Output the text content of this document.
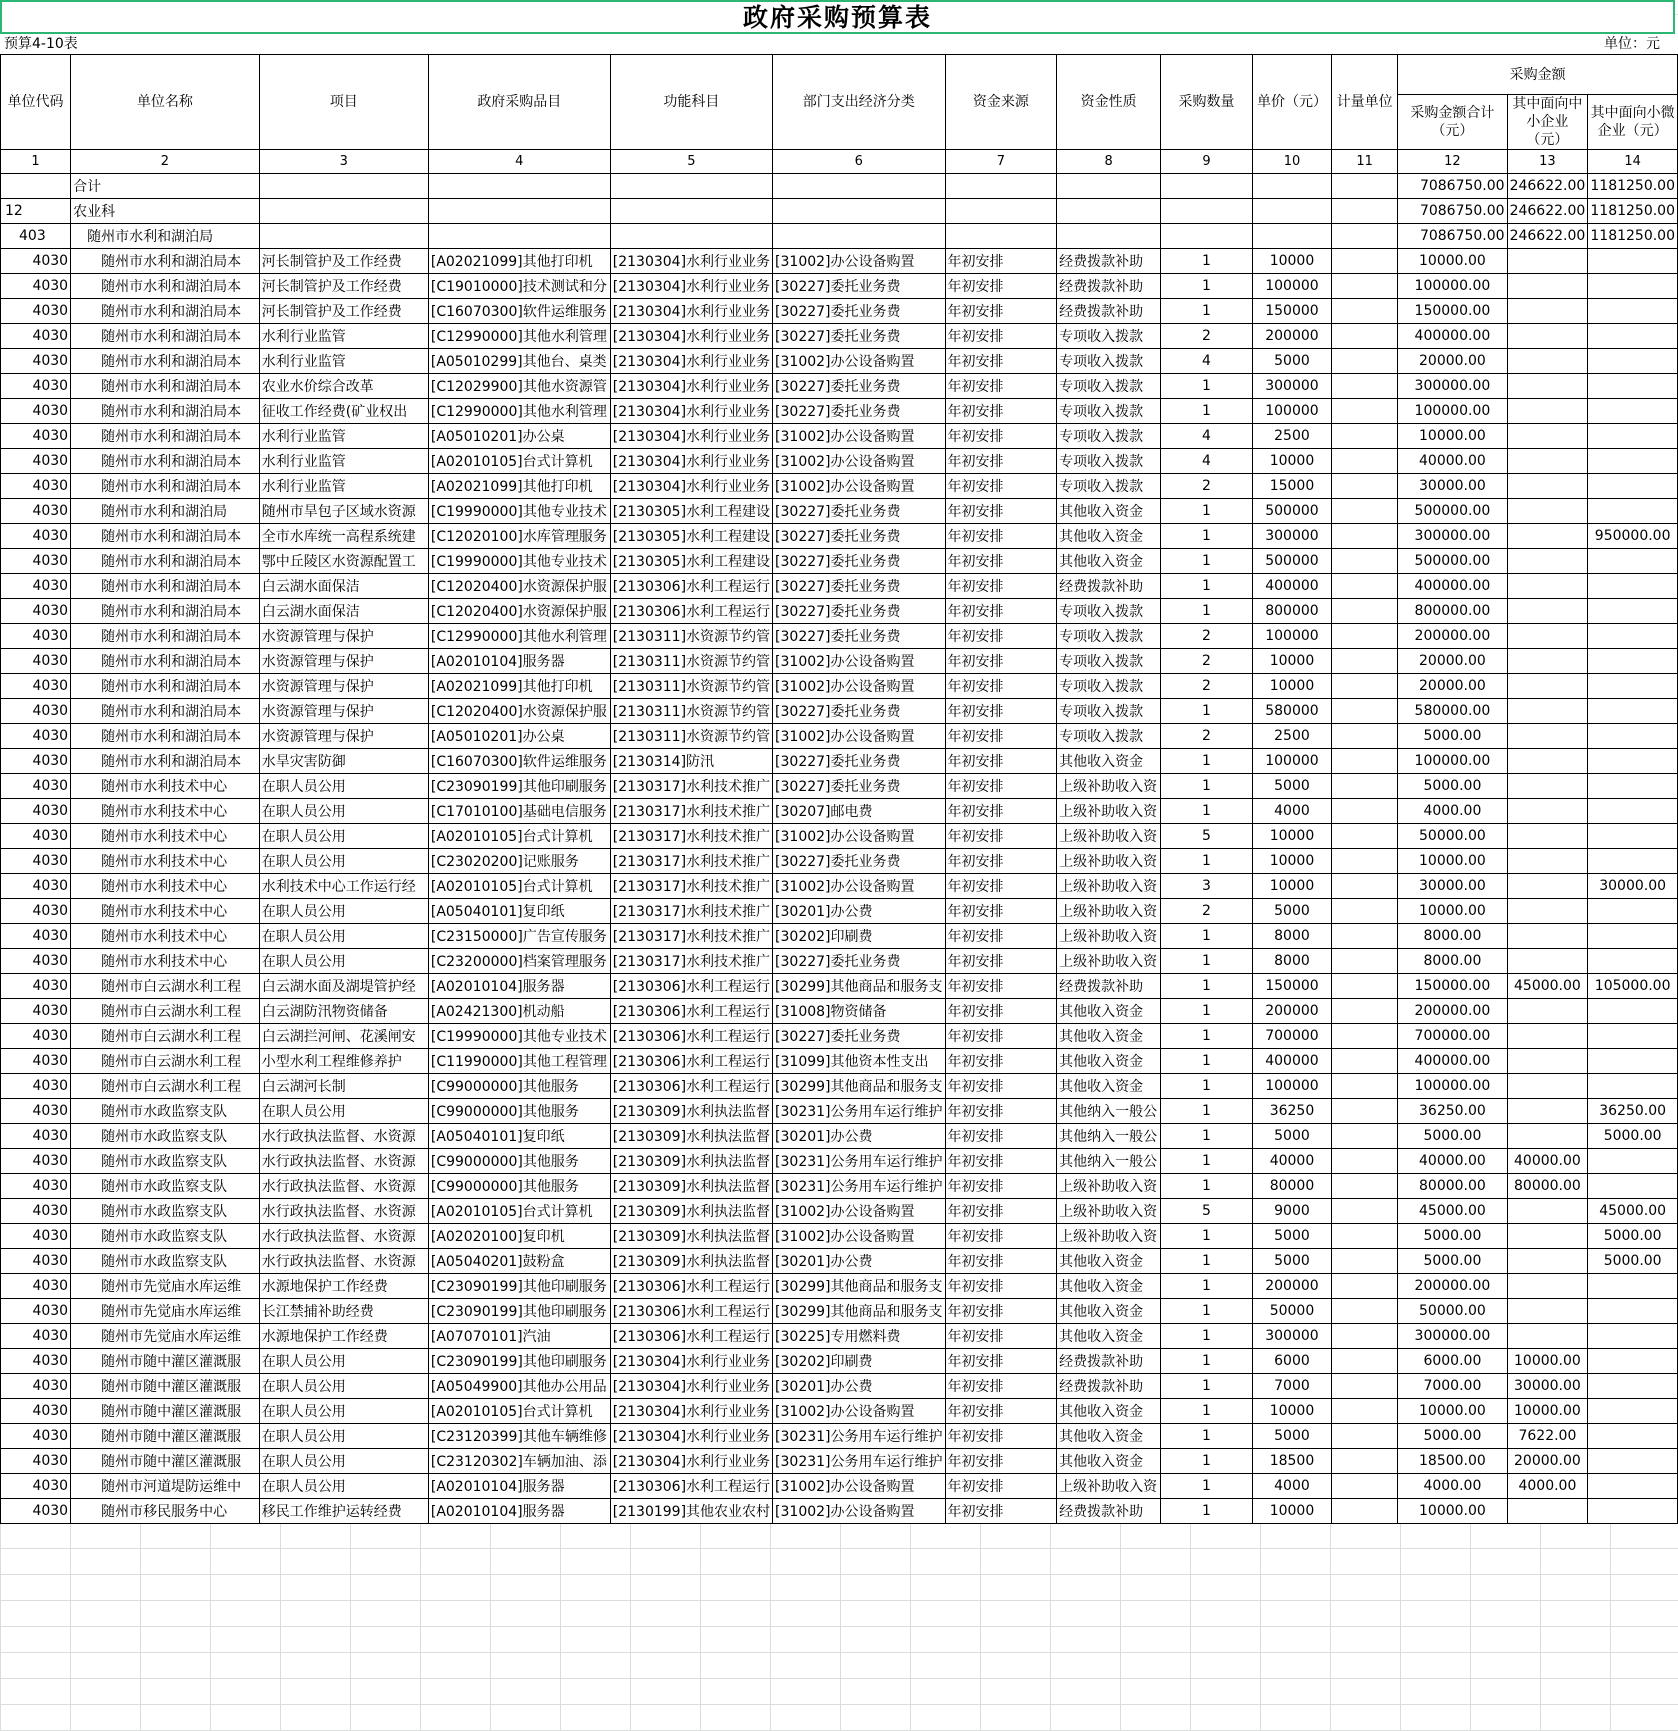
政府采购预算表
预算4-10表	单位：元
单位代码	单位名称	项目	政府采购品目	功能科目	部门支出经济分类	资金来源	资金性质	采购数量	单价（元）	计量单位	采购金额		
											采购金额合计（元）	其中面向中小企业（元）	其中面向小微企业（元）
1	2	3	4	5	6	7	8	9	10	11	12	13	14
	合计										7086750.00	246622.00	1181250.00
12	农业科										7086750.00	246622.00	1181250.00
403	随州市水利和湖泊局										7086750.00	246622.00	1181250.00
4030	随州市水利和湖泊局本	河长制管护及工作经费	[A02021099]其他打印机	[2130304]水利行业业务	[31002]办公设备购置	年初安排	经费拨款补助	1	10000		10000.00		
4030	随州市水利和湖泊局本	河长制管护及工作经费	[C19010000]技术测试和分	[2130304]水利行业业务	[30227]委托业务费	年初安排	经费拨款补助	1	100000		100000.00		
4030	随州市水利和湖泊局本	河长制管护及工作经费	[C16070300]软件运维服务	[2130304]水利行业业务	[30227]委托业务费	年初安排	经费拨款补助	1	150000		150000.00		
4030	随州市水利和湖泊局本	水利行业监管	[C12990000]其他水利管理	[2130304]水利行业业务	[30227]委托业务费	年初安排	专项收入拨款	2	200000		400000.00		
4030	随州市水利和湖泊局本	水利行业监管	[A05010299]其他台、桌类	[2130304]水利行业业务	[31002]办公设备购置	年初安排	专项收入拨款	4	5000		20000.00		
4030	随州市水利和湖泊局本	农业水价综合改革	[C12029900]其他水资源管	[2130304]水利行业业务	[30227]委托业务费	年初安排	专项收入拨款	1	300000		300000.00		
4030	随州市水利和湖泊局本	征收工作经费(矿业权出	[C12990000]其他水利管理	[2130304]水利行业业务	[30227]委托业务费	年初安排	专项收入拨款	1	100000		100000.00		
4030	随州市水利和湖泊局本	水利行业监管	[A05010201]办公桌	[2130304]水利行业业务	[31002]办公设备购置	年初安排	专项收入拨款	4	2500		10000.00		
4030	随州市水利和湖泊局本	水利行业监管	[A02010105]台式计算机	[2130304]水利行业业务	[31002]办公设备购置	年初安排	专项收入拨款	4	10000		40000.00		
4030	随州市水利和湖泊局本	水利行业监管	[A02021099]其他打印机	[2130304]水利行业业务	[31002]办公设备购置	年初安排	专项收入拨款	2	15000		30000.00		
4030	随州市水利和湖泊局	随州市旱包子区域水资源	[C19990000]其他专业技术	[2130305]水利工程建设	[30227]委托业务费	年初安排	其他收入资金	1	500000		500000.00		
4030	随州市水利和湖泊局本	全市水库统一高程系统建	[C12020100]水库管理服务	[2130305]水利工程建设	[30227]委托业务费	年初安排	其他收入资金	1	300000		300000.00		950000.00
4030	随州市水利和湖泊局本	鄂中丘陵区水资源配置工	[C19990000]其他专业技术	[2130305]水利工程建设	[30227]委托业务费	年初安排	其他收入资金	1	500000		500000.00		
4030	随州市水利和湖泊局本	白云湖水面保洁	[C12020400]水资源保护服	[2130306]水利工程运行	[30227]委托业务费	年初安排	经费拨款补助	1	400000		400000.00		
4030	随州市水利和湖泊局本	白云湖水面保洁	[C12020400]水资源保护服	[2130306]水利工程运行	[30227]委托业务费	年初安排	专项收入拨款	1	800000		800000.00		
4030	随州市水利和湖泊局本	水资源管理与保护	[C12990000]其他水利管理	[2130311]水资源节约管	[30227]委托业务费	年初安排	专项收入拨款	2	100000		200000.00		
4030	随州市水利和湖泊局本	水资源管理与保护	[A02010104]服务器	[2130311]水资源节约管	[31002]办公设备购置	年初安排	专项收入拨款	2	10000		20000.00		
4030	随州市水利和湖泊局本	水资源管理与保护	[A02021099]其他打印机	[2130311]水资源节约管	[31002]办公设备购置	年初安排	专项收入拨款	2	10000		20000.00		
4030	随州市水利和湖泊局本	水资源管理与保护	[C12020400]水资源保护服	[2130311]水资源节约管	[30227]委托业务费	年初安排	专项收入拨款	1	580000		580000.00		
4030	随州市水利和湖泊局本	水资源管理与保护	[A05010201]办公桌	[2130311]水资源节约管	[31002]办公设备购置	年初安排	专项收入拨款	2	2500		5000.00		
4030	随州市水利和湖泊局本	水旱灾害防御	[C16070300]软件运维服务	[2130314]防汛	[30227]委托业务费	年初安排	其他收入资金	1	100000		100000.00		
4030	随州市水利技术中心	在职人员公用	[C23090199]其他印刷服务	[2130317]水利技术推广	[30227]委托业务费	年初安排	上级补助收入资	1	5000		5000.00		
4030	随州市水利技术中心	在职人员公用	[C17010100]基础电信服务	[2130317]水利技术推广	[30207]邮电费	年初安排	上级补助收入资	1	4000		4000.00		
4030	随州市水利技术中心	在职人员公用	[A02010105]台式计算机	[2130317]水利技术推广	[31002]办公设备购置	年初安排	上级补助收入资	5	10000		50000.00		
4030	随州市水利技术中心	在职人员公用	[C23020200]记账服务	[2130317]水利技术推广	[30227]委托业务费	年初安排	上级补助收入资	1	10000		10000.00		
4030	随州市水利技术中心	水利技术中心工作运行经	[A02010105]台式计算机	[2130317]水利技术推广	[31002]办公设备购置	年初安排	上级补助收入资	3	10000		30000.00		30000.00
4030	随州市水利技术中心	在职人员公用	[A05040101]复印纸	[2130317]水利技术推广	[30201]办公费	年初安排	上级补助收入资	2	5000		10000.00		
4030	随州市水利技术中心	在职人员公用	[C23150000]广告宣传服务	[2130317]水利技术推广	[30202]印刷费	年初安排	上级补助收入资	1	8000		8000.00		
4030	随州市水利技术中心	在职人员公用	[C23200000]档案管理服务	[2130317]水利技术推广	[30227]委托业务费	年初安排	上级补助收入资	1	8000		8000.00		
4030	随州市白云湖水利工程	白云湖水面及湖堤管护经	[A02010104]服务器	[2130306]水利工程运行	[30299]其他商品和服务支	年初安排	经费拨款补助	1	150000		150000.00	45000.00	105000.00
4030	随州市白云湖水利工程	白云湖防汛物资储备	[A02421300]机动船	[2130306]水利工程运行	[31008]物资储备	年初安排	其他收入资金	1	200000		200000.00		
4030	随州市白云湖水利工程	白云湖拦河闸、花溪闸安	[C19990000]其他专业技术	[2130306]水利工程运行	[30227]委托业务费	年初安排	其他收入资金	1	700000		700000.00		
4030	随州市白云湖水利工程	小型水利工程维修养护	[C11990000]其他工程管理	[2130306]水利工程运行	[31099]其他资本性支出	年初安排	其他收入资金	1	400000		400000.00		
4030	随州市白云湖水利工程	白云湖河长制	[C99000000]其他服务	[2130306]水利工程运行	[30299]其他商品和服务支	年初安排	其他收入资金	1	100000		100000.00		
4030	随州市水政监察支队	在职人员公用	[C99000000]其他服务	[2130309]水利执法监督	[30231]公务用车运行维护	年初安排	其他纳入一般公	1	36250		36250.00		36250.00
4030	随州市水政监察支队	水行政执法监督、水资源	[A05040101]复印纸	[2130309]水利执法监督	[30201]办公费	年初安排	其他纳入一般公	1	5000		5000.00		5000.00
4030	随州市水政监察支队	水行政执法监督、水资源	[C99000000]其他服务	[2130309]水利执法监督	[30231]公务用车运行维护	年初安排	其他纳入一般公	1	40000		40000.00	40000.00	
4030	随州市水政监察支队	水行政执法监督、水资源	[C99000000]其他服务	[2130309]水利执法监督	[30231]公务用车运行维护	年初安排	上级补助收入资	1	80000		80000.00	80000.00	
4030	随州市水政监察支队	水行政执法监督、水资源	[A02010105]台式计算机	[2130309]水利执法监督	[31002]办公设备购置	年初安排	上级补助收入资	5	9000		45000.00		45000.00
4030	随州市水政监察支队	水行政执法监督、水资源	[A02020100]复印机	[2130309]水利执法监督	[31002]办公设备购置	年初安排	上级补助收入资	1	5000		5000.00		5000.00
4030	随州市水政监察支队	水行政执法监督、水资源	[A05040201]鼓粉盒	[2130309]水利执法监督	[30201]办公费	年初安排	其他收入资金	1	5000		5000.00		5000.00
4030	随州市先觉庙水库运维	水源地保护工作经费	[C23090199]其他印刷服务	[2130306]水利工程运行	[30299]其他商品和服务支	年初安排	其他收入资金	1	200000		200000.00		
4030	随州市先觉庙水库运维	长江禁捕补助经费	[C23090199]其他印刷服务	[2130306]水利工程运行	[30299]其他商品和服务支	年初安排	其他收入资金	1	50000		50000.00		
4030	随州市先觉庙水库运维	水源地保护工作经费	[A07070101]汽油	[2130306]水利工程运行	[30225]专用燃料费	年初安排	其他收入资金	1	300000		300000.00		
4030	随州市随中灌区灌溉服	在职人员公用	[C23090199]其他印刷服务	[2130304]水利行业业务	[30202]印刷费	年初安排	经费拨款补助	1	6000		6000.00	10000.00	
4030	随州市随中灌区灌溉服	在职人员公用	[A05049900]其他办公用品	[2130304]水利行业业务	[30201]办公费	年初安排	经费拨款补助	1	7000		7000.00	30000.00	
4030	随州市随中灌区灌溉服	在职人员公用	[A02010105]台式计算机	[2130304]水利行业业务	[31002]办公设备购置	年初安排	其他收入资金	1	10000		10000.00	10000.00	
4030	随州市随中灌区灌溉服	在职人员公用	[C23120399]其他车辆维修	[2130304]水利行业业务	[30231]公务用车运行维护	年初安排	其他收入资金	1	5000		5000.00	7622.00	
4030	随州市随中灌区灌溉服	在职人员公用	[C23120302]车辆加油、添	[2130304]水利行业业务	[30231]公务用车运行维护	年初安排	其他收入资金	1	18500		18500.00	20000.00	
4030	随州市河道堤防运维中	在职人员公用	[A02010104]服务器	[2130306]水利工程运行	[31002]办公设备购置	年初安排	上级补助收入资	1	4000		4000.00	4000.00	
4030	随州市移民服务中心	移民工作维护运转经费	[A02010104]服务器	[2130199]其他农业农村	[31002]办公设备购置	年初安排	经费拨款补助	1	10000		10000.00		
